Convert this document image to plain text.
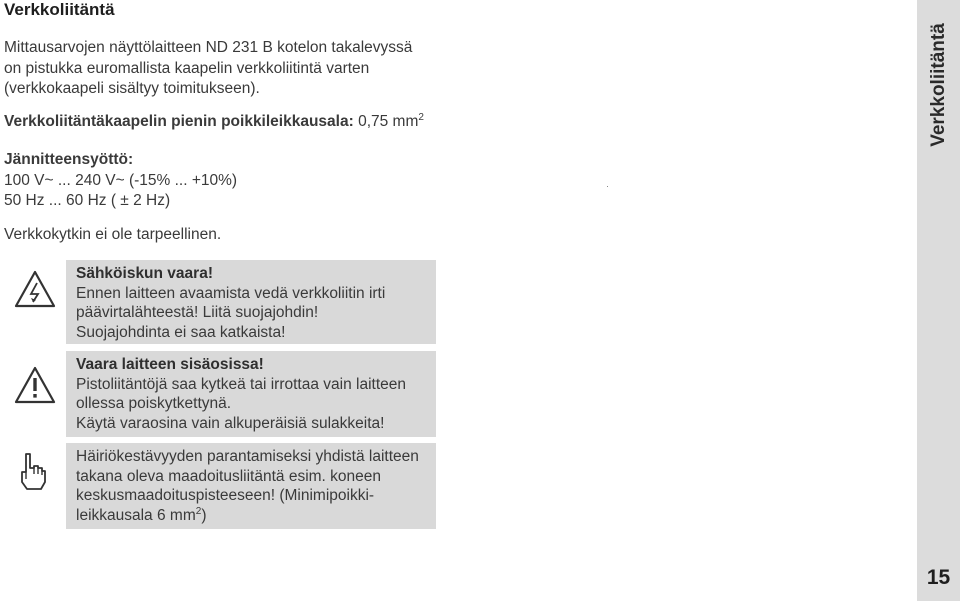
Verkkoliitäntä
Mittausarvojen näyttölaitteen ND 231 B kotelon takalevyssä
on pistukka euromallista kaapelin verkkoliitintä varten
(verkkokaapeli sisältyy toimitukseen).
Verkkoliitäntäkaapelin pienin poikkileikkausala: 0,75 $mm^2$
Jännitteensyöttö:
100 V~ ... 240 V~ (-15% ... +10%)
50 Hz ... 60 Hz ( ± 2 Hz)
Verkkokytkin ei ole tarpeellinen.
Sähköiskun vaara!
Ennen laitteen avaamista vedä verkkoliitin irti
päävirtalähteestä! Liitä suojajohdin!
Suojajohdinta ei saa katkaista!
Vaara laitteen sisäosissa!
Pistoliitäntöjä saa kytkeä tai irrottaa vain laitteen
ollessa poiskytkettynä.
Käytä varaosina vain alkuperäisiä sulakkeita!
Häiriökestävyyden parantamiseksi yhdistä laitteen
takana oleva maadoitusliitäntä esim. koneen
keskusmaadoituspisteeseen! (Minimipoikki-
leikkausala 6 $mm^2$)
Verkkoliitäntä
15
